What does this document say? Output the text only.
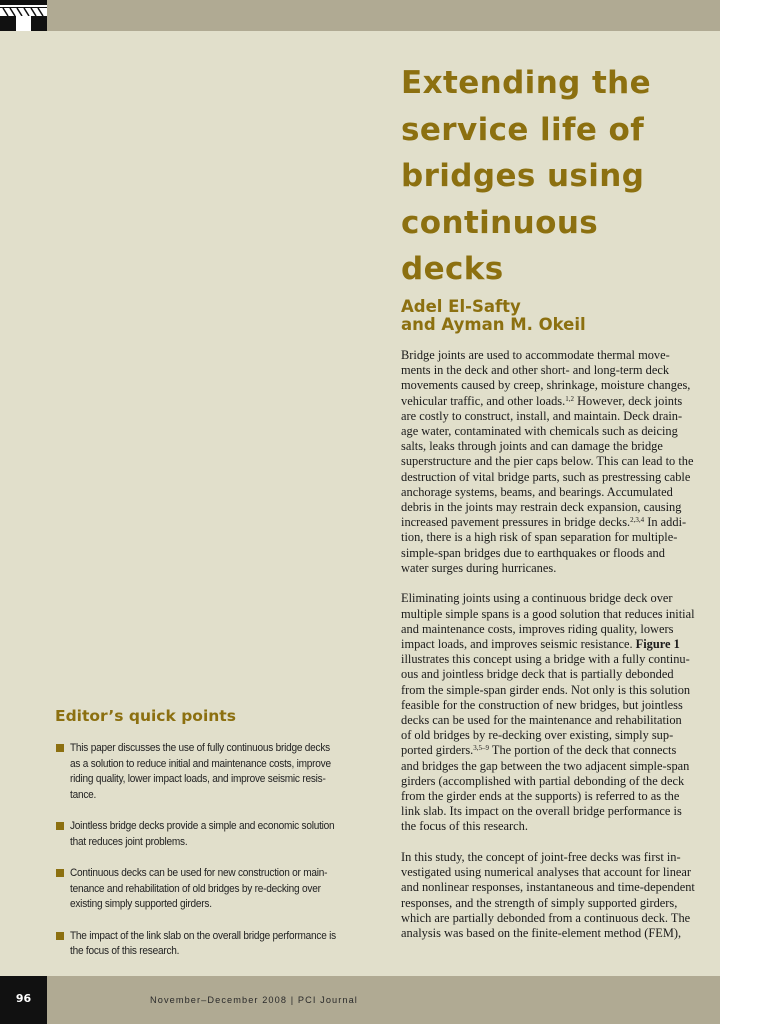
Extending the
service life of
bridges using
continuous
decks
Adel El-Safty
and Ayman M. Okeil

Bridge joints are used to accommodate thermal move-
ments in the deck and other short- and long-term deck
movements caused by creep, shrinkage, moisture changes,
vehicular traffic, and other loads.$^{1,2}$ However, deck joints
are costly to construct, install, and maintain. Deck drain-
age water, contaminated with chemicals such as deicing
salts, leaks through joints and can damage the bridge
superstructure and the pier caps below. This can lead to the
destruction of vital bridge parts, such as prestressing cable
anchorage systems, beams, and bearings. Accumulated
debris in the joints may restrain deck expansion, causing
increased pavement pressures in bridge decks.$^{2,3,4}$ In addi-
tion, there is a high risk of span separation for multiple-
simple-span bridges due to earthquakes or floods and
water surges during hurricanes.

Eliminating joints using a continuous bridge deck over
multiple simple spans is a good solution that reduces initial
and maintenance costs, improves riding quality, lowers
impact loads, and improves seismic resistance. Figure 1
illustrates this concept using a bridge with a fully continu-
ous and jointless bridge deck that is partially debonded
from the simple-span girder ends. Not only is this solution
feasible for the construction of new bridges, but jointless
decks can be used for the maintenance and rehabilitation
of old bridges by re-decking over existing, simply sup-
ported girders.$^{3,5-9}$ The portion of the deck that connects
and bridges the gap between the two adjacent simple-span
girders (accomplished with partial debonding of the deck
from the girder ends at the supports) is referred to as the
link slab. Its impact on the overall bridge performance is
the focus of this research.

In this study, the concept of joint-free decks was first in-
vestigated using numerical analyses that account for linear
and nonlinear responses, instantaneous and time-dependent
responses, and the strength of simply supported girders,
which are partially debonded from a continuous deck. The
analysis was based on the finite-element method (FEM),

Editor’s quick points
This paper discusses the use of fully continuous bridge decks
as a solution to reduce initial and maintenance costs, improve
riding quality, lower impact loads, and improve seismic resis-
tance.
Jointless bridge decks provide a simple and economic solution
that reduces joint problems.
Continuous decks can be used for new construction or main-
tenance and rehabilitation of old bridges by re-decking over
existing simply supported girders.
The impact of the link slab on the overall bridge performance is
the focus of this research.
96	November–December 2008 | PCI Journal
